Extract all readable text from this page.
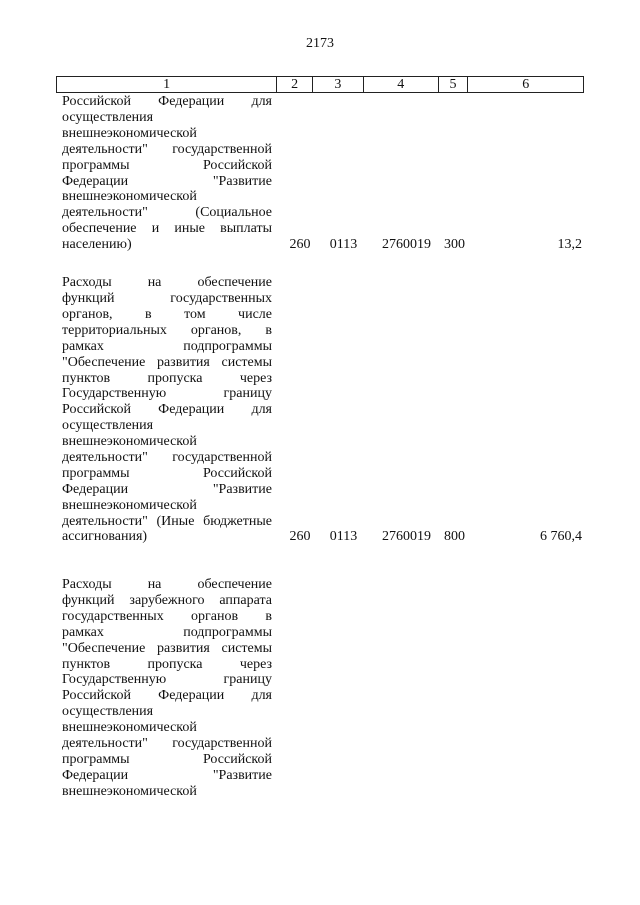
2173
1	2	3	4	5	6
Российской Федерации для
осуществления
внешнеэкономической
деятельности" государственной
программы Российской
Федерации "Развитие
внешнеэкономической
деятельности" (Социальное
обеспечение и иные выплаты
населению)	260	0113	2760019 300	13,2
Расходы на обеспечение
функций государственных
органов, в том числе
территориальных органов, в
рамках подпрограммы
"Обеспечение развития системы
пунктов пропуска через
Государственную границу
Российской Федерации для
осуществления
внешнеэкономической
деятельности" государственной
программы Российской
Федерации "Развитие
внешнеэкономической
деятельности" (Иные бюджетные
ассигнования)	260	0113	2760019 800	6 760,4
Расходы на обеспечение
функций зарубежного аппарата
государственных органов в
рамках подпрограммы
"Обеспечение развития системы
пунктов пропуска через
Государственную границу
Российской Федерации для
осуществления
внешнеэкономической
деятельности" государственной
программы Российской
Федерации "Развитие
внешнеэкономической
